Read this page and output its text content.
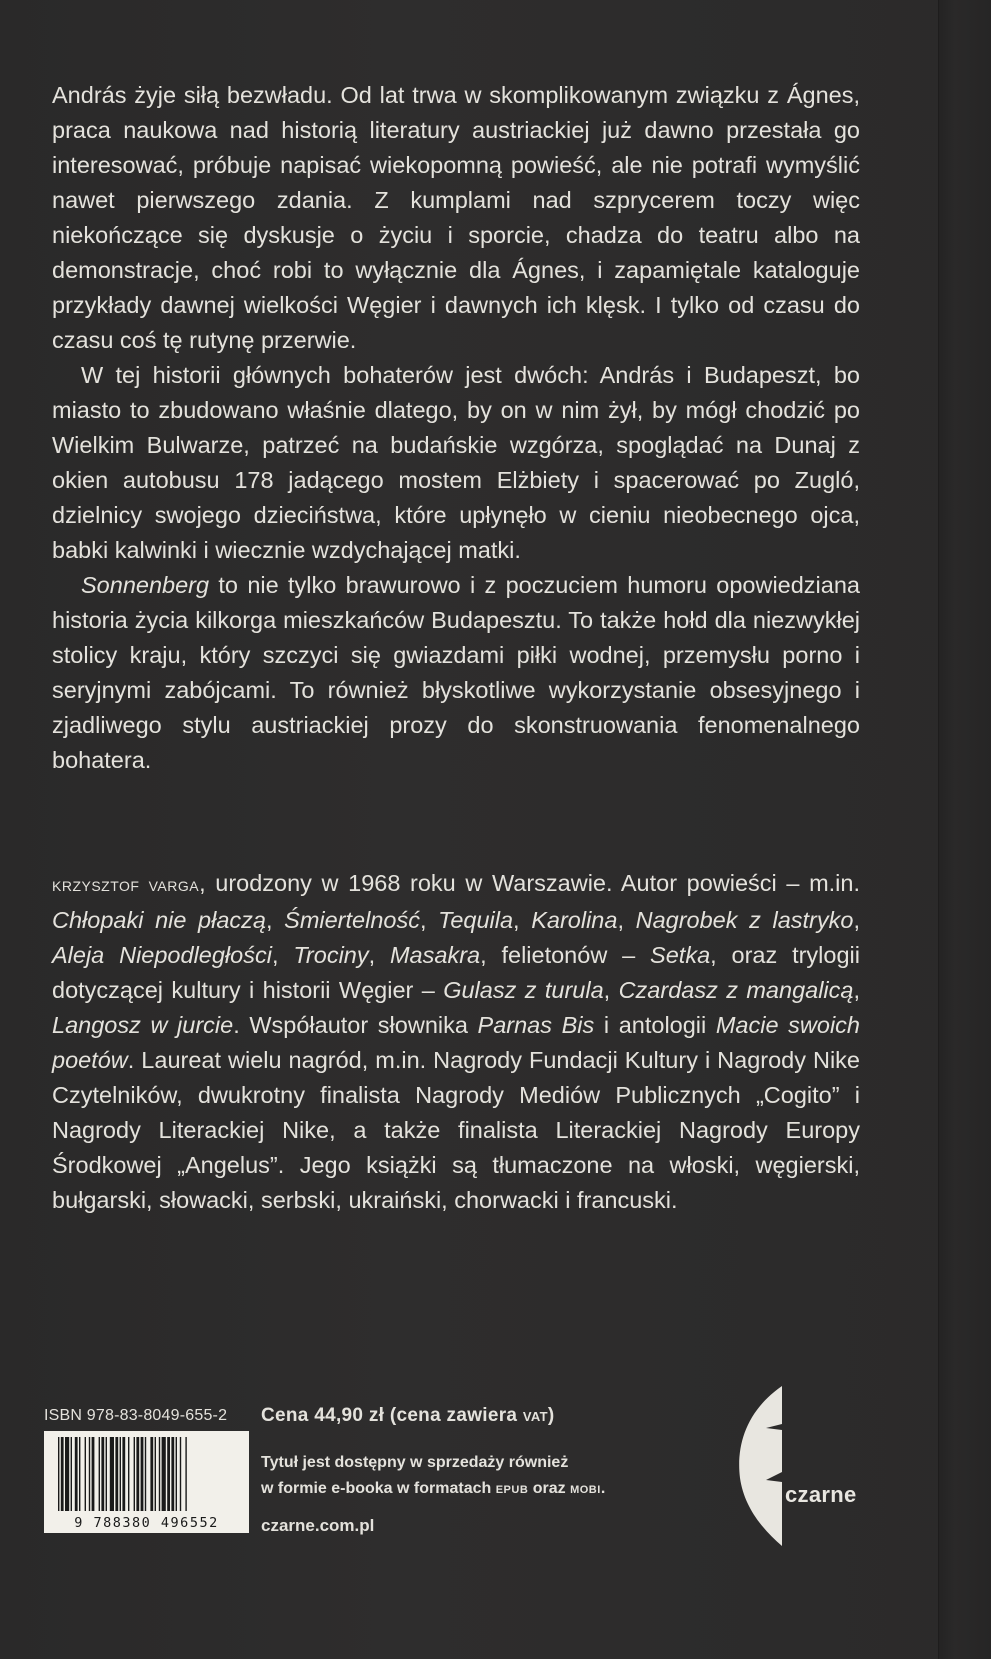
András żyje siłą bezwładu. Od lat trwa w skomplikowanym związku z Ágnes, praca naukowa nad historią literatury austriackiej już dawno przestała go interesować, próbuje napisać wiekopomną powieść, ale nie potrafi wymyślić nawet pierwszego zdania. Z kumplami nad szprycerem toczy więc niekończące się dyskusje o życiu i sporcie, chadza do teatru albo na demonstracje, choć robi to wyłącznie dla Ágnes, i zapamiętale kataloguje przykłady dawnej wielkości Węgier i dawnych ich klęsk. I tylko od czasu do czasu coś tę rutynę przerwie.

W tej historii głównych bohaterów jest dwóch: András i Budapeszt, bo miasto to zbudowano właśnie dlatego, by on w nim żył, by mógł chodzić po Wielkim Bulwarze, patrzeć na budańskie wzgórza, spoglądać na Dunaj z okien autobusu 178 jadącego mostem Elżbiety i spacerować po Zugló, dzielnicy swojego dzieciństwa, które upłynęło w cieniu nieobecnego ojca, babki kalwinki i wiecznie wzdychającej matki.

Sonnenberg to nie tylko brawurowo i z poczuciem humoru opowiedziana historia życia kilkorga mieszkańców Budapesztu. To także hołd dla niezwykłej stolicy kraju, który szczyci się gwiazdami piłki wodnej, przemysłu porno i seryjnymi zabójcami. To również błyskotliwe wykorzystanie obsesyjnego i zjadliwego stylu austriackiej prozy do skonstruowania fenomenalnego bohatera.

krzysztof varga, urodzony w 1968 roku w Warszawie. Autor powieści – m.in. Chłopaki nie płaczą, Śmiertelność, Tequila, Karolina, Nagrobek z lastryko, Aleja Niepodległości, Trociny, Masakra, felietonów – Setka, oraz trylogii dotyczącej kultury i historii Węgier – Gulasz z turula, Czardasz z mangalicą, Langosz w jurcie. Współautor słownika Parnas Bis i antologii Macie swoich poetów. Laureat wielu nagród, m.in. Nagrody Fundacji Kultury i Nagrody Nike Czytelników, dwukrotny finalista Nagrody Mediów Publicznych „Cogito” i Nagrody Literackiej Nike, a także finalista Literackiej Nagrody Europy Środkowej „Angelus”. Jego książki są tłumaczone na włoski, węgierski, bułgarski, słowacki, serbski, ukraiński, chorwacki i francuski.
ISBN 978-83-8049-655-2
9 788380 496552
Cena 44,90 zł (cena zawiera VAT)
Tytuł jest dostępny w sprzedaży również
w formie e-booka w formatach EPUB oraz MOBI.
czarne.com.pl
czarne
